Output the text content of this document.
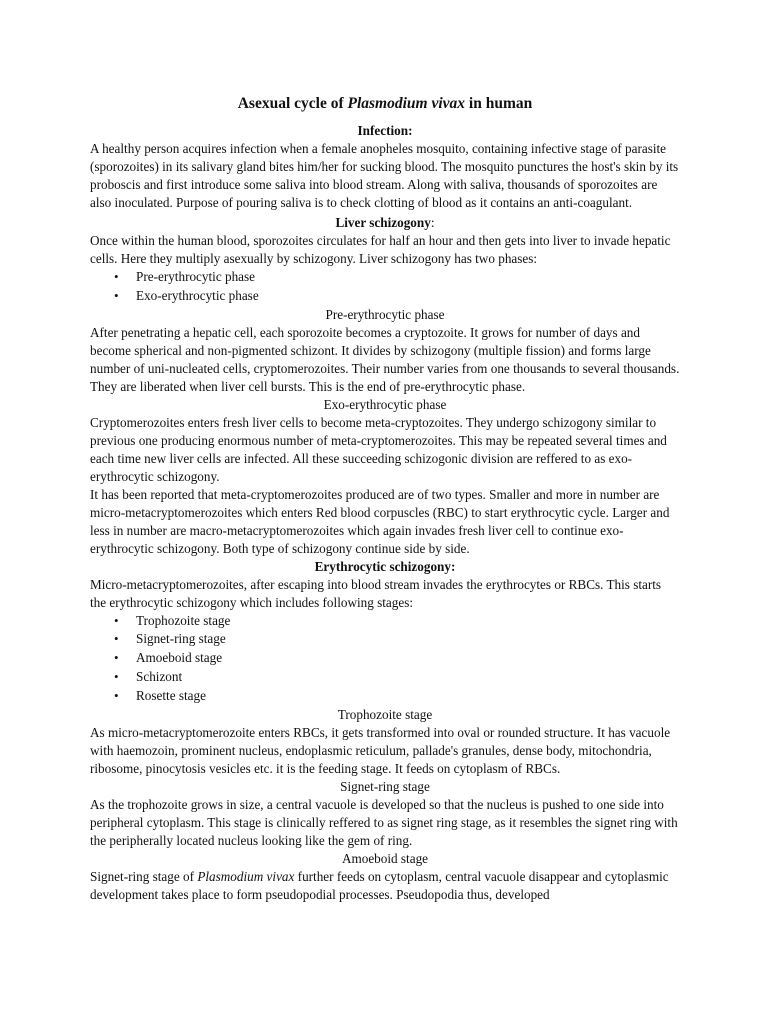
Asexual cycle of Plasmodium vivax in human
Infection:

A healthy person acquires infection when a female anopheles mosquito, containing infective stage of parasite (sporozoites) in its salivary gland bites him/her for sucking blood. The mosquito punctures the host's skin by its proboscis and first introduce some saliva into blood stream. Along with saliva, thousands of sporozoites are also inoculated. Purpose of pouring saliva is to check clotting of blood as it contains an anti-coagulant.

Liver schizogony:

Once within the human blood, sporozoites circulates for half an hour and then gets into liver to invade hepatic cells. Here they multiply asexually by schizogony. Liver schizogony has two phases:

• Pre-erythrocytic phase
• Exo-erythrocytic phase
Pre-erythrocytic phase

After penetrating a hepatic cell, each sporozoite becomes a cryptozoite. It grows for number of days and become spherical and non-pigmented schizont. It divides by schizogony (multiple fission) and forms large number of uni-nucleated cells, cryptomerozoites. Their number varies from one thousands to several thousands. They are liberated when liver cell bursts. This is the end of pre-erythrocytic phase.

Exo-erythrocytic phase

Cryptomerozoites enters fresh liver cells to become meta-cryptozoites. They undergo schizogony similar to previous one producing enormous number of meta-cryptomerozoites. This may be repeated several times and each time new liver cells are infected. All these succeeding schizogonic division are reffered to as exo-erythrocytic schizogony.

It has been reported that meta-cryptomerozoites produced are of two types. Smaller and more in number are micro-metacryptomerozoites which enters Red blood corpuscles (RBC) to start erythrocytic cycle. Larger and less in number are macro-metacryptomerozoites which again invades fresh liver cell to continue exo-erythrocytic schizogony. Both type of schizogony continue side by side.

Erythrocytic schizogony:

Micro-metacryptomerozoites, after escaping into blood stream invades the erythrocytes or RBCs. This starts the erythrocytic schizogony which includes following stages:

• Trophozoite stage
• Signet-ring stage
• Amoeboid stage
• Schizont
• Rosette stage
Trophozoite stage

As micro-metacryptomerozoite enters RBCs, it gets transformed into oval or rounded structure. It has vacuole with haemozoin, prominent nucleus, endoplasmic reticulum, pallade's granules, dense body, mitochondria, ribosome, pinocytosis vesicles etc. it is the feeding stage. It feeds on cytoplasm of RBCs.

Signet-ring stage

As the trophozoite grows in size, a central vacuole is developed so that the nucleus is pushed to one side into peripheral cytoplasm. This stage is clinically reffered to as signet ring stage, as it resembles the signet ring with the peripherally located nucleus looking like the gem of ring.

Amoeboid stage

Signet-ring stage of Plasmodium vivax further feeds on cytoplasm, central vacuole disappear and cytoplasmic development takes place to form pseudopodial processes. Pseudopodia thus, developed
